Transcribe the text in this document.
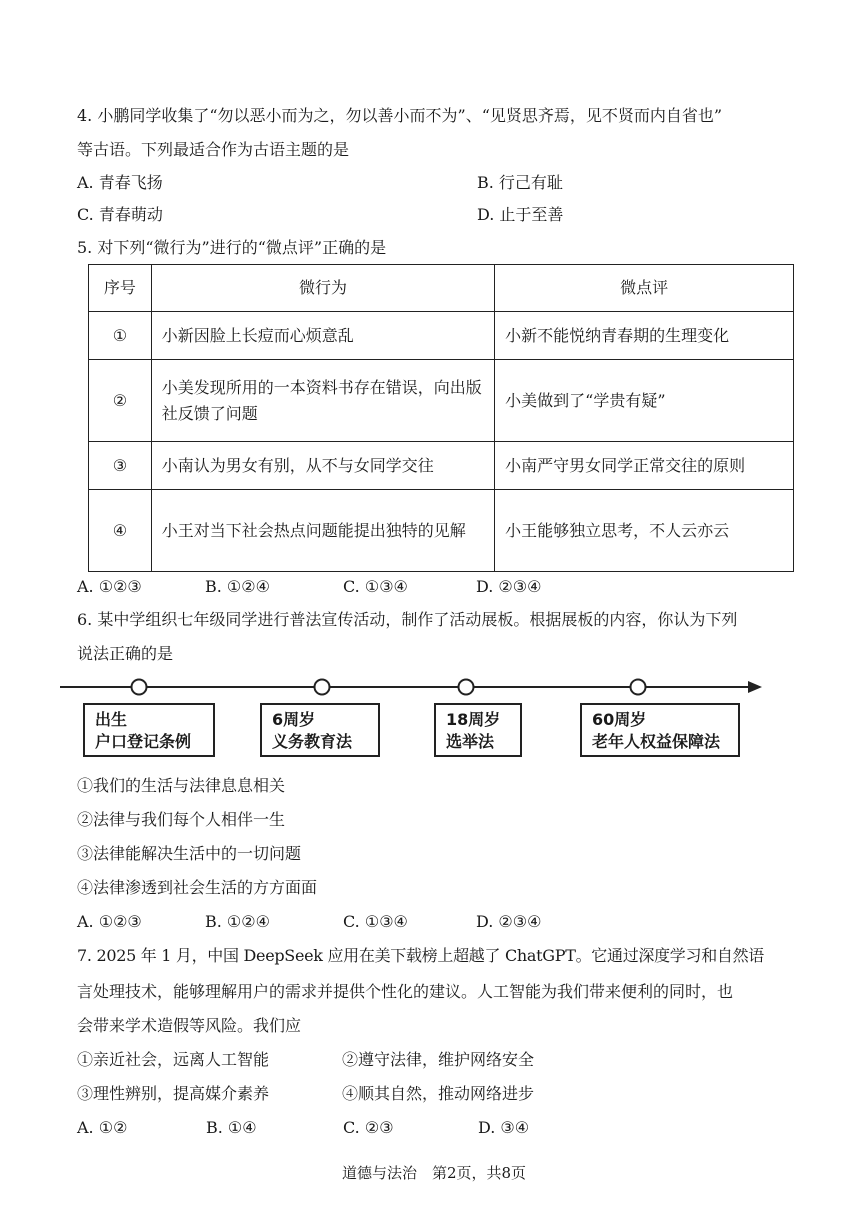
4. 小鹏同学收集了“勿以恶小而为之，勿以善小而不为”、“见贤思齐焉，见不贤而内自省也”
等古语。下列最适合作为古语主题的是
A. 青春飞扬	B. 行己有耻
C. 青春萌动	D. 止于至善
5. 对下列“微行为”进行的“微点评”正确的是
序号	微行为	微点评
①	小新因脸上长痘而心烦意乱	小新不能悦纳青春期的生理变化
②	小美发现所用的一本资料书存在错误，向出版社反馈了问题	小美做到了“学贵有疑”
③	小南认为男女有别，从不与女同学交往	小南严守男女同学正常交往的原则
④	小王对当下社会热点问题能提出独特的见解	小王能够独立思考，不人云亦云
A. ①②③	B. ①②④	C. ①③④	D. ②③④
6. 某中学组织七年级同学进行普法宣传活动，制作了活动展板。根据展板的内容，你认为下列
说法正确的是
出生
户口登记条例
6周岁
义务教育法
18周岁
选举法
60周岁
老年人权益保障法
①我们的生活与法律息息相关
②法律与我们每个人相伴一生
③法律能解决生活中的一切问题
④法律渗透到社会生活的方方面面
A. ①②③	B. ①②④	C. ①③④	D. ②③④
7. 2025 年 1 月，中国 DeepSeek 应用在美下载榜上超越了 ChatGPT。它通过深度学习和自然语
言处理技术，能够理解用户的需求并提供个性化的建议。人工智能为我们带来便利的同时，也
会带来学术造假等风险。我们应
①亲近社会，远离人工智能	②遵守法律，维护网络安全
③理性辨别，提高媒介素养	④顺其自然，推动网络进步
A. ①②	B. ①④	C. ②③	D. ③④
道德与法治　第2页，共8页
